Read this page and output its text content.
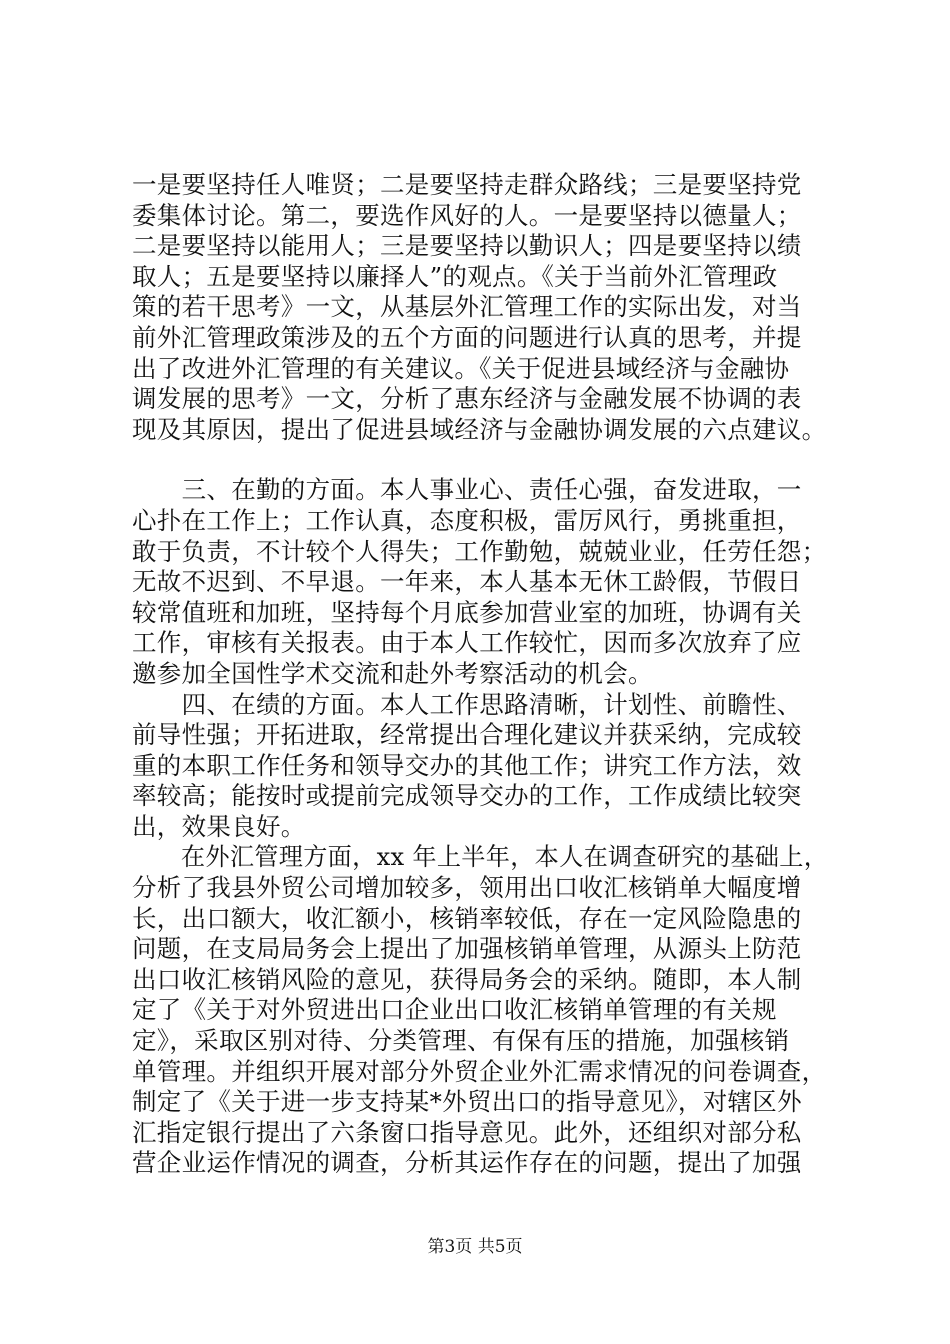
一是要坚持任人唯贤；二是要坚持走群众路线；三是要坚持党
委集体讨论。第二，要选作风好的人。一是要坚持以德量人；
二是要坚持以能用人；三是要坚持以勤识人；四是要坚持以绩
取人；五是要坚持以廉择人”的观点。《关于当前外汇管理政
策的若干思考》一文，从基层外汇管理工作的实际出发，对当
前外汇管理政策涉及的五个方面的问题进行认真的思考，并提
出了改进外汇管理的有关建议。《关于促进县域经济与金融协
调发展的思考》一文，分析了惠东经济与金融发展不协调的表
现及其原因，提出了促进县域经济与金融协调发展的六点建议。

　　三、在勤的方面。本人事业心、责任心强，奋发进取，一
心扑在工作上；工作认真，态度积极，雷厉风行，勇挑重担，
敢于负责，不计较个人得失；工作勤勉，兢兢业业，任劳任怨；
无故不迟到、不早退。一年来，本人基本无休工龄假，节假日
较常值班和加班，坚持每个月底参加营业室的加班，协调有关
工作，审核有关报表。由于本人工作较忙，因而多次放弃了应
邀参加全国性学术交流和赴外考察活动的机会。

　　四、在绩的方面。本人工作思路清晰，计划性、前瞻性、
前导性强；开拓进取，经常提出合理化建议并获采纳，完成较
重的本职工作任务和领导交办的其他工作；讲究工作方法，效
率较高；能按时或提前完成领导交办的工作，工作成绩比较突
出，效果良好。

　　在外汇管理方面，xx 年上半年，本人在调查研究的基础上，
分析了我县外贸公司增加较多，领用出口收汇核销单大幅度增
长，出口额大，收汇额小，核销率较低，存在一定风险隐患的
问题，在支局局务会上提出了加强核销单管理，从源头上防范
出口收汇核销风险的意见，获得局务会的采纳。随即，本人制
定了《关于对外贸进出口企业出口收汇核销单管理的有关规
定》，采取区别对待、分类管理、有保有压的措施，加强核销
单管理。并组织开展对部分外贸企业外汇需求情况的问卷调查，
制定了《关于进一步支持某*外贸出口的指导意见》，对辖区外
汇指定银行提出了六条窗口指导意见。此外，还组织对部分私
营企业运作情况的调查，分析其运作存在的问题，提出了加强

第3页 共5页
